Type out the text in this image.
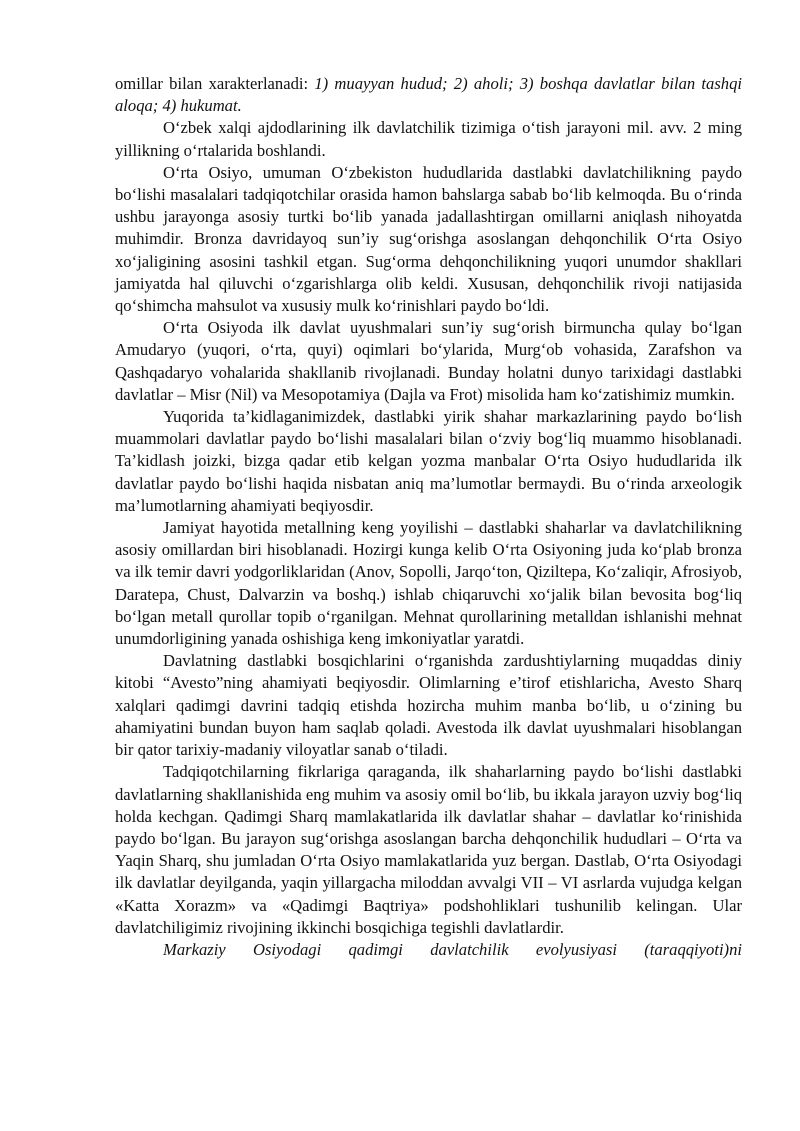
omillar bilan xarakterlanadi: 1) muayyan hudud; 2) aholi; 3) boshqa davlatlar bilan tashqi aloqa; 4) hukumat.

O‘zbek xalqi ajdodlarining ilk davlatchilik tizimiga o‘tish jarayoni mil. avv. 2 ming yillikning o‘rtalarida boshlandi.

O‘rta Osiyo, umuman O‘zbekiston hududlarida dastlabki davlatchilikning paydo bo‘lishi masalalari tadqiqotchilar orasida hamon bahslarga sabab bo‘lib kelmoqda. Bu o‘rinda ushbu jarayonga asosiy turtki bo‘lib yanada jadallashtirgan omillarni aniqlash nihoyatda muhimdir. Bronza davridayoq sun’iy sug‘orishga asoslangan dehqonchilik O‘rta Osiyo xo‘jaligining asosini tashkil etgan. Sug‘orma dehqonchilikning yuqori unumdor shakllari jamiyatda hal qiluvchi o‘zgarishlarga olib keldi. Xususan, dehqonchilik rivoji natijasida qo‘shimcha mahsulot va xususiy mulk ko‘rinishlari paydo bo‘ldi.

O‘rta Osiyoda ilk davlat uyushmalari sun’iy sug‘orish birmuncha qulay bo‘lgan Amudaryo (yuqori, o‘rta, quyi) oqimlari bo‘ylarida, Murg‘ob vohasida, Zarafshon va Qashqadaryo vohalarida shakllanib rivojlanadi. Bunday holatni dunyo tarixidagi dastlabki davlatlar – Misr (Nil) va Mesopotamiya (Dajla va Frot) misolida ham ko‘zatishimiz mumkin.

Yuqorida ta’kidlaganimizdek, dastlabki yirik shahar markazlarining paydo bo‘lish muammolari davlatlar paydo bo‘lishi masalalari bilan o‘zviy bog‘liq muammo hisoblanadi. Ta’kidlash joizki, bizga qadar etib kelgan yozma manbalar O‘rta Osiyo hududlarida ilk davlatlar paydo bo‘lishi haqida nisbatan aniq ma’lumotlar bermaydi. Bu o‘rinda arxeologik ma’lumotlarning ahamiyati beqiyosdir.

Jamiyat hayotida metallning keng yoyilishi – dastlabki shaharlar va davlatchilikning asosiy omillardan biri hisoblanadi. Hozirgi kunga kelib O‘rta Osiyoning juda ko‘plab bronza va ilk temir davri yodgorliklaridan (Anov, Sopolli, Jarqo‘ton, Qiziltepa, Ko‘zaliqir, Afrosiyob, Daratepa, Chust, Dalvarzin va boshq.) ishlab chiqaruvchi xo‘jalik bilan bevosita bog‘liq bo‘lgan metall qurollar topib o‘rganilgan. Mehnat qurollarining metalldan ishlanishi mehnat unumdorligining yanada oshishiga keng imkoniyatlar yaratdi.

Davlatning dastlabki bosqichlarini o‘rganishda zardushtiylarning muqaddas diniy kitobi “Avesto”ning ahamiyati beqiyosdir. Olimlarning e’tirof etishlaricha, Avesto Sharq xalqlari qadimgi davrini tadqiq etishda hozircha muhim manba bo‘lib, u o‘zining bu ahamiyatini bundan buyon ham saqlab qoladi. Avestoda ilk davlat uyushmalari hisoblangan bir qator tarixiy-madaniy viloyatlar sanab o‘tiladi.

Tadqiqotchilarning fikrlariga qaraganda, ilk shaharlarning paydo bo‘lishi dastlabki davlatlarning shakllanishida eng muhim va asosiy omil bo‘lib, bu ikkala jarayon uzviy bog‘liq holda kechgan. Qadimgi Sharq mamlakatlarida ilk davlatlar shahar – davlatlar ko‘rinishida paydo bo‘lgan. Bu jarayon sug‘orishga asoslangan barcha dehqonchilik hududlari – O‘rta va Yaqin Sharq, shu jumladan O‘rta Osiyo mamlakatlarida yuz bergan. Dastlab, O‘rta Osiyodagi ilk davlatlar deyilganda, yaqin yillargacha miloddan avvalgi VII – VI asrlarda vujudga kelgan «Katta Xorazm» va «Qadimgi Baqtriya» podshohliklari tushunilib kelingan. Ular davlatchiligimiz rivojining ikkinchi bosqichiga tegishli davlatlardir.

Markaziy Osiyodagi qadimgi davlatchilik evolyusiyasi (taraqqiyoti)ni
